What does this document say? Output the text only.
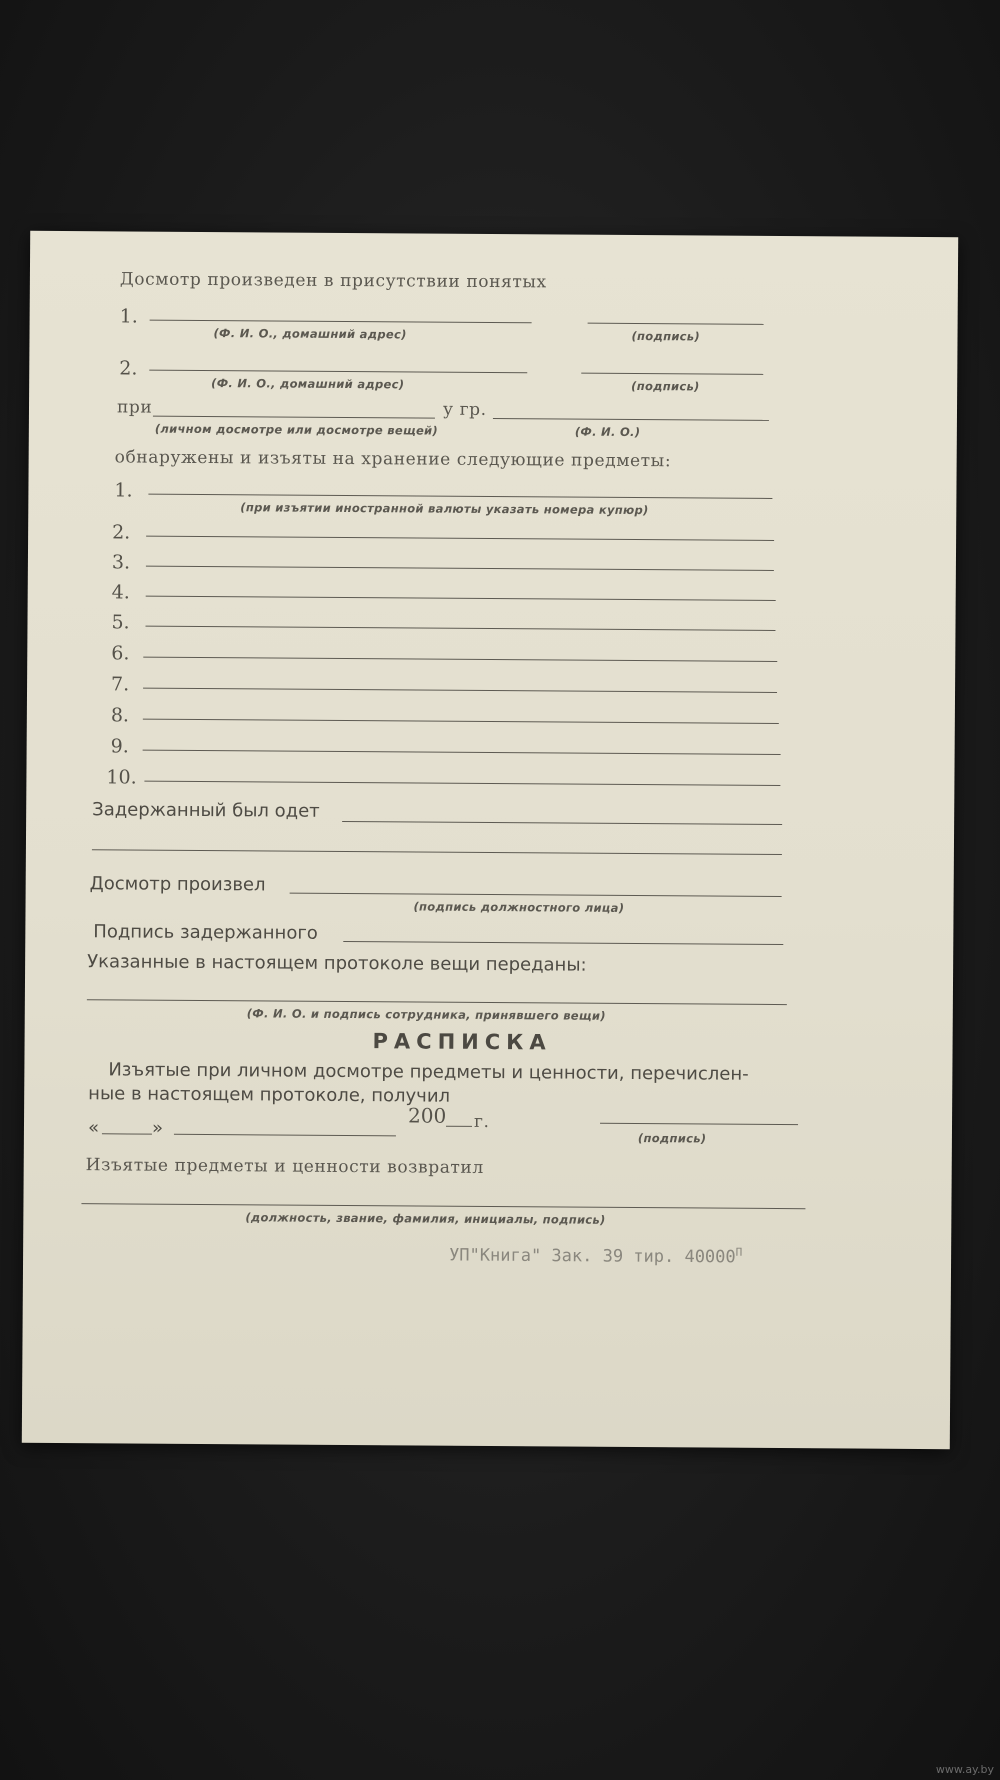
Досмотр произведен в присутствии понятых
1.
(Ф. И. О., домашний адрес)	(подпись)
2.
(Ф. И. О., домашний адрес)	(подпись)
при	у гр.
(личном досмотре или досмотре вещей)	(Ф. И. О.)
обнаружены и изъяты на хранение следующие предметы:
1.
(при изъятии иностранной валюты указать номера купюр)
2.
3.
4.
5.
6.
7.
8.
9.
10.
Задержанный был одет
Досмотр произвел
(подпись должностного лица)
Подпись задержанного
Указанные в настоящем протоколе вещи переданы:
(Ф. И. О. и подпись сотрудника, принявшего вещи)
РАСПИСКА
Изъятые при личном досмотре предметы и ценности, перечислен-
ные в настоящем протоколе, получил
«	»
200 г.
(подпись)
Изъятые предметы и ценности возвратил
(должность, звание, фамилия, инициалы, подпись)
УП"Книга" Зак. 39 тир. $40000^П$
www.ay.by
